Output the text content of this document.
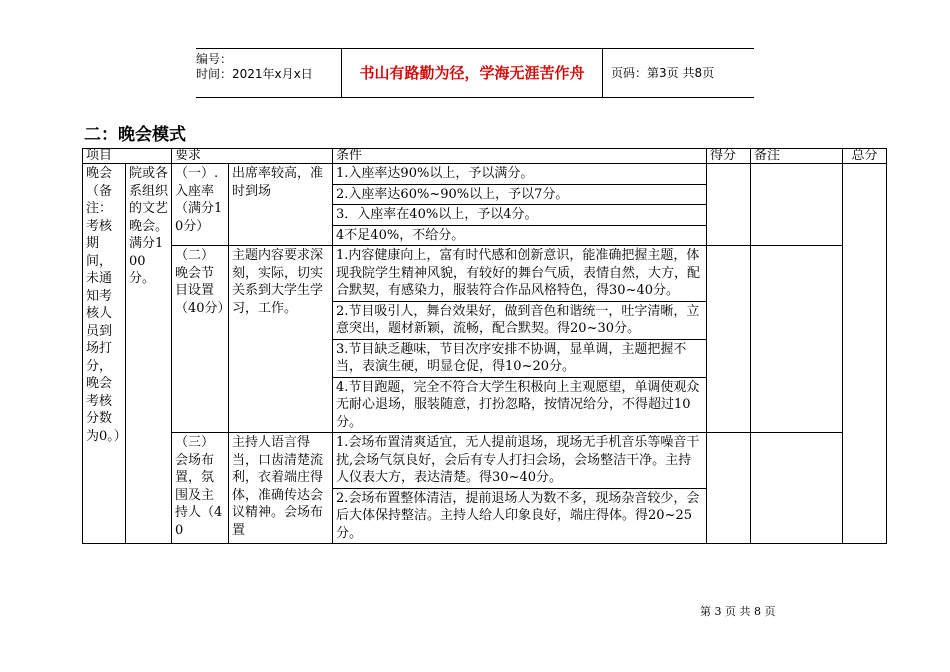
编号：
时间：2021年x月x日	书山有路勤为径，学海无涯苦作舟	页码：第3页 共8页
二：晚会模式
项目		要求		条件	得分	备注	总分
晚会（备注：考核期间，未通知考核人员到场打分，晚会考核分数为0。）	院或各系组织的文艺晚会。满分100分。	（一）.入座率（满分10分）	出席率较高，准时到场	1.入座率达90%以上，予以满分。			
				2.入座率达60%~90%以上，予以7分。			
				3．入座率在40%以上，予以4分。			
				4不足40%，不给分。			
		（二）晚会节目设置（40分）	主题内容要求深刻，实际，切实关系到大学生学习，工作。	1.内容健康向上，富有时代感和创新意识，能准确把握主题，体现我院学生精神风貌，有较好的舞台气质，表情自然，大方，配合默契，有感染力，服装符合作品风格特色，得30~40分。			
				2.节目吸引人，舞台效果好，做到音色和谐统一，吐字清晰，立意突出，题材新颖，流畅，配合默契。得20~30分。			
				3.节目缺乏趣味，节目次序安排不协调，显单调，主题把握不当，表演生硬，明显仓促，得10~20分。			
				4.节目跑题，完全不符合大学生积极向上主观愿望，单调使观众无耐心退场，服装随意，打扮忽略，按情况给分，不得超过10分。			
		（三）会场布置，氛围及主持人（40	主持人语言得当，口齿清楚流利，衣着端庄得体，准确传达会议精神。会场布置	1.会场布置清爽适宜，无人提前退场，现场无手机音乐等噪音干扰,会场气氛良好，会后有专人打扫会场，会场整洁干净。主持人仪表大方，表达清楚。得30~40分。			
				2.会场布置整体清洁，提前退场人为数不多，现场杂音较少，会后大体保持整洁。主持人给人印象良好，端庄得体。得20~25分。			
第 3 页 共 8 页
